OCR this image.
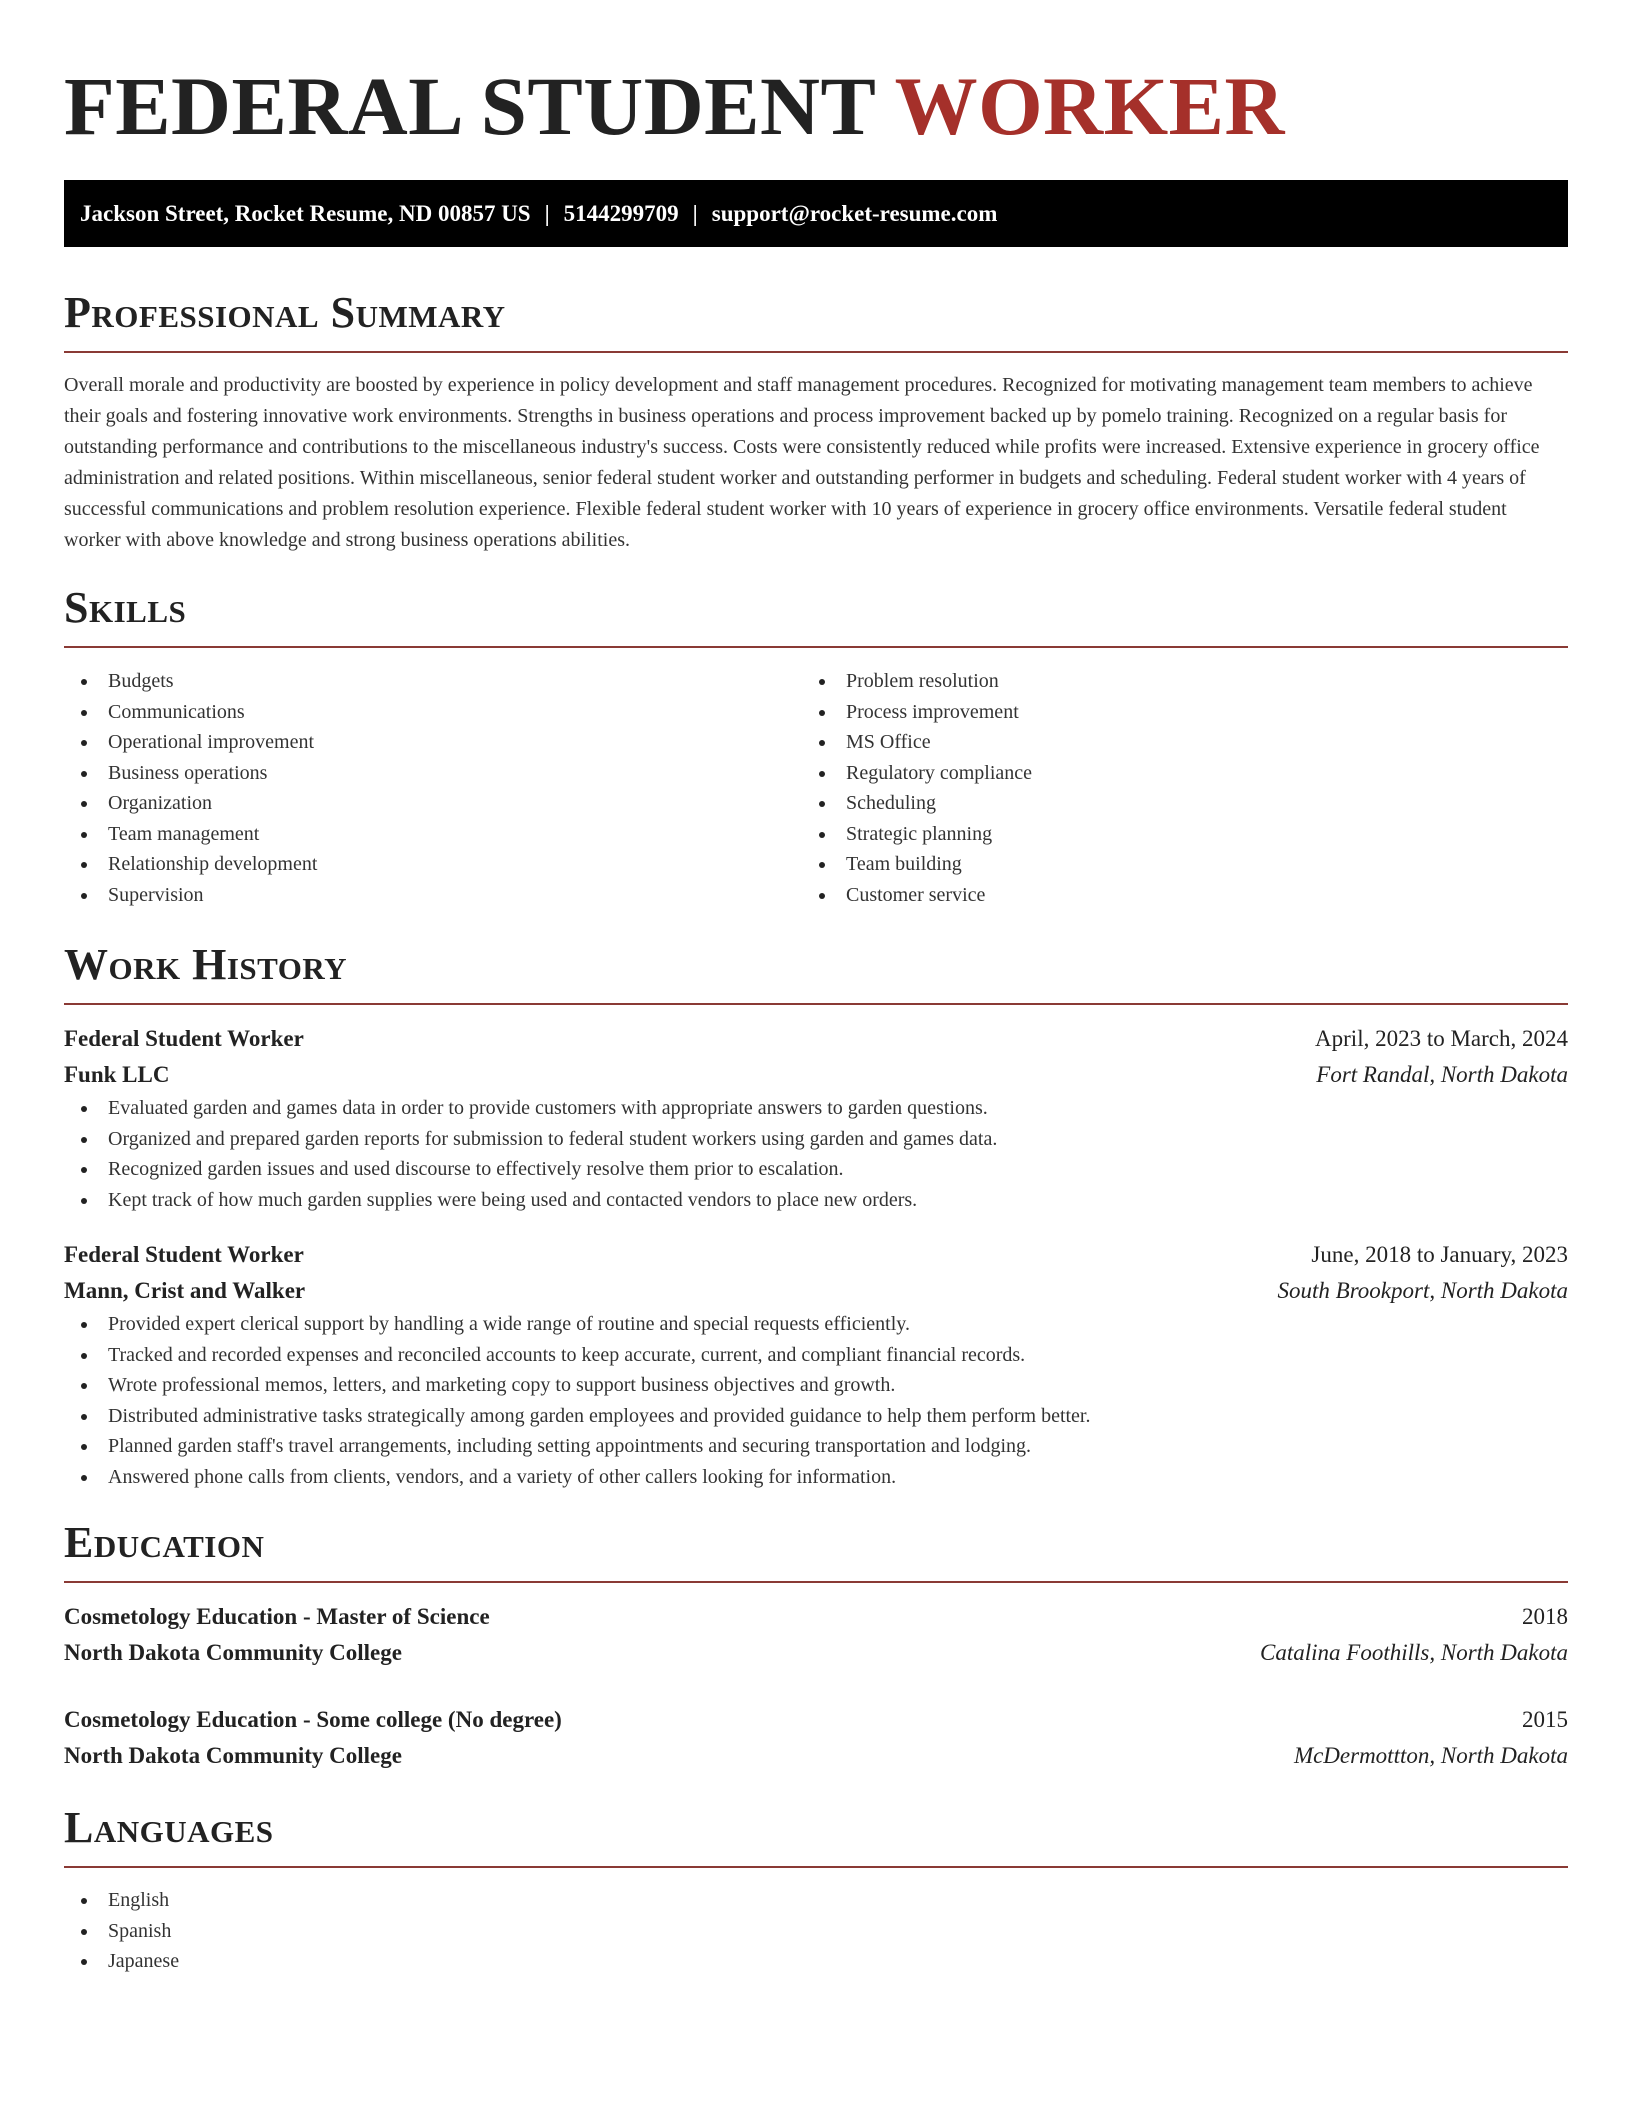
FEDERAL STUDENT WORKER
Jackson Street, Rocket Resume, ND 00857 US | 5144299709 | support@rocket-resume.com
Professional Summary

Overall morale and productivity are boosted by experience in policy development and staff management procedures. Recognized for motivating management team members to achieve their goals and fostering innovative work environments. Strengths in business operations and process improvement backed up by pomelo training. Recognized on a regular basis for outstanding performance and contributions to the miscellaneous industry's success. Costs were consistently reduced while profits were increased. Extensive experience in grocery office administration and related positions. Within miscellaneous, senior federal student worker and outstanding performer in budgets and scheduling. Federal student worker with 4 years of successful communications and problem resolution experience. Flexible federal student worker with 10 years of experience in grocery office environments. Versatile federal student worker with above knowledge and strong business operations abilities.

Skills
Budgets
Communications
Operational improvement
Business operations
Organization
Team management
Relationship development
Supervision
Problem resolution
Process improvement
MS Office
Regulatory compliance
Scheduling
Strategic planning
Team building
Customer service
Work History
Federal Student Worker	April, 2023 to March, 2024
Funk LLC	Fort Randal, North Dakota
Evaluated garden and games data in order to provide customers with appropriate answers to garden questions.
Organized and prepared garden reports for submission to federal student workers using garden and games data.
Recognized garden issues and used discourse to effectively resolve them prior to escalation.
Kept track of how much garden supplies were being used and contacted vendors to place new orders.
Federal Student Worker	June, 2018 to January, 2023
Mann, Crist and Walker	South Brookport, North Dakota
Provided expert clerical support by handling a wide range of routine and special requests efficiently.
Tracked and recorded expenses and reconciled accounts to keep accurate, current, and compliant financial records.
Wrote professional memos, letters, and marketing copy to support business objectives and growth.
Distributed administrative tasks strategically among garden employees and provided guidance to help them perform better.
Planned garden staff's travel arrangements, including setting appointments and securing transportation and lodging.
Answered phone calls from clients, vendors, and a variety of other callers looking for information.
Education
Cosmetology Education - Master of Science	2018
North Dakota Community College	Catalina Foothills, North Dakota
Cosmetology Education - Some college (No degree)	2015
North Dakota Community College	McDermottton, North Dakota
Languages
English
Spanish
Japanese
